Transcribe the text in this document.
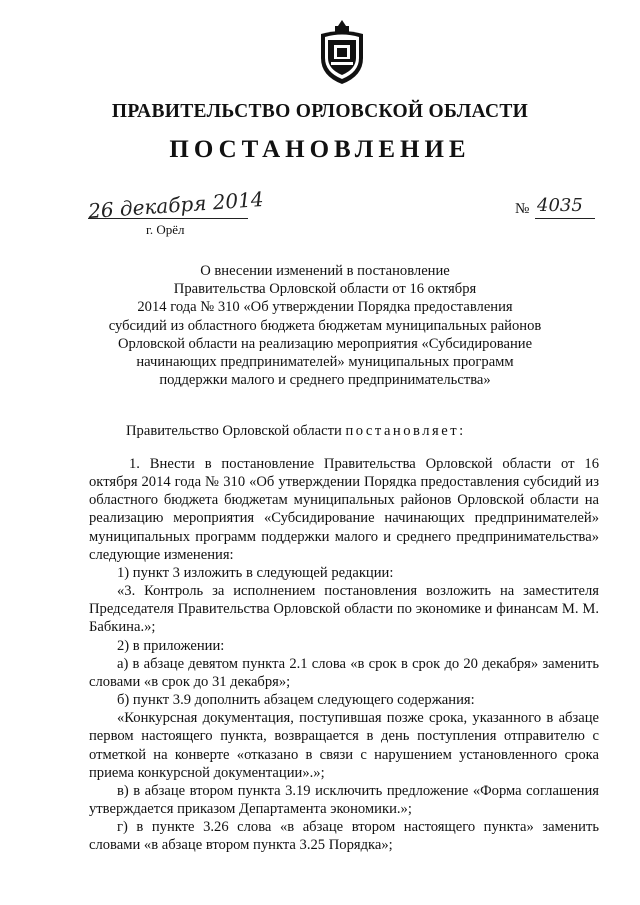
ПРАВИТЕЛЬСТВО ОРЛОВСКОЙ ОБЛАСТИ
ПОСТАНОВЛЕНИЕ
26 декабря 2014
г. Орёл
№ 4035
О внесении изменений в постановление
Правительства Орловской области от 16 октября
2014 года № 310 «Об утверждении Порядка предоставления
субсидий из областного бюджета бюджетам муниципальных районов
Орловской области на реализацию мероприятия «Субсидирование
начинающих предпринимателей» муниципальных программ
поддержки малого и среднего предпринимательства»
Правительство Орловской области постановляет:

1. Внести в постановление Правительства Орловской области от 16 октября 2014 года № 310 «Об утверждении Порядка предоставления субсидий из областного бюджета бюджетам муниципальных районов Орловской области на реализацию мероприятия «Субсидирование начинающих предпринимателей» муниципальных программ поддержки малого и среднего предпринимательства» следующие изменения:

1) пункт 3 изложить в следующей редакции:

«3. Контроль за исполнением постановления возложить на заместителя Председателя Правительства Орловской области по экономике и финансам М. М. Бабкина.»;

2) в приложении:

а) в абзаце девятом пункта 2.1 слова «в срок в срок до 20 декабря» заменить словами «в срок до 31 декабря»;

б) пункт 3.9 дополнить абзацем следующего содержания:

«Конкурсная документация, поступившая позже срока, указанного в абзаце первом настоящего пункта, возвращается в день поступления отправителю с отметкой на конверте «отказано в связи с нарушением установленного срока приема конкурсной документации».»;

в) в абзаце втором пункта 3.19 исключить предложение «Форма соглашения утверждается приказом Департамента экономики.»;

г) в пункте 3.26 слова «в абзаце втором настоящего пункта» заменить словами «в абзаце втором пункта 3.25 Порядка»;
